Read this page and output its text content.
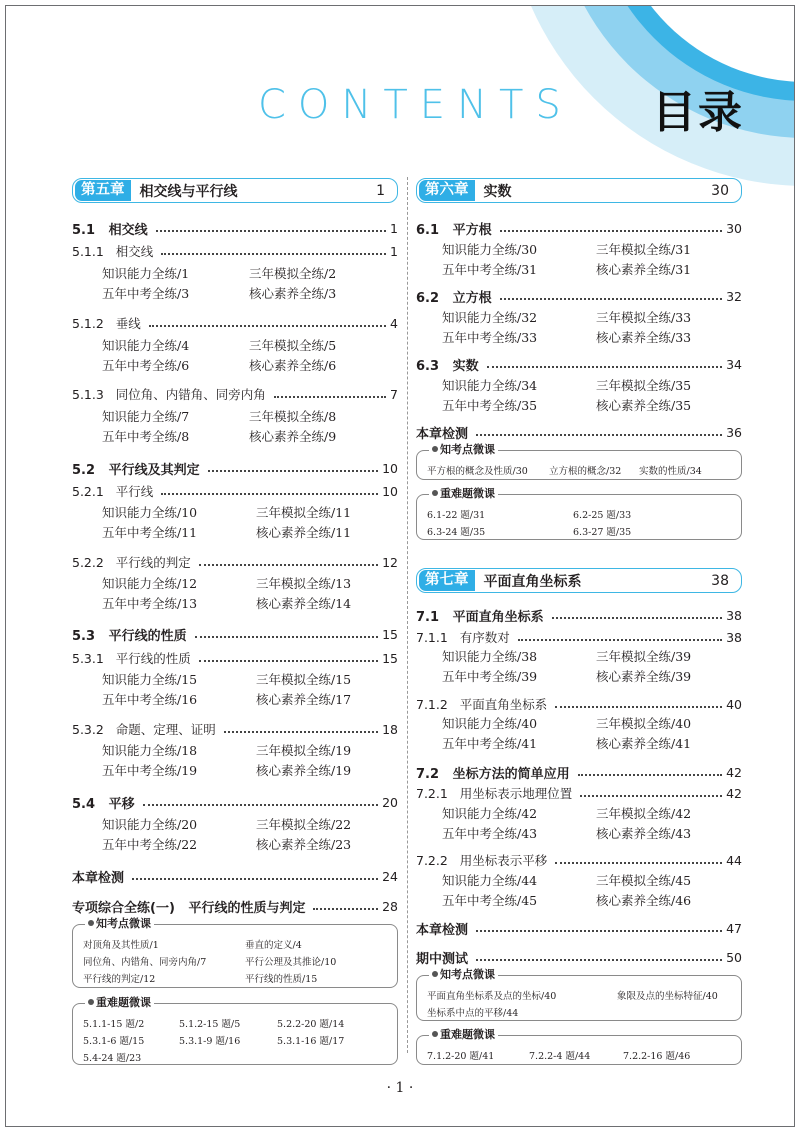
CONTENTS 目录
第五章	相交线与平行线	1
5.1   相交线	1
5.1.1   相交线	1
知识能力全练/1	三年模拟全练/2
五年中考全练/3	核心素养全练/3
5.1.2   垂线	4
知识能力全练/4	三年模拟全练/5
五年中考全练/6	核心素养全练/6
5.1.3   同位角、内错角、同旁内角	7
知识能力全练/7	三年模拟全练/8
五年中考全练/8	核心素养全练/9
5.2   平行线及其判定	10
5.2.1   平行线	10
知识能力全练/10	三年模拟全练/11
五年中考全练/11	核心素养全练/11
5.2.2   平行线的判定	12
知识能力全练/12	三年模拟全练/13
五年中考全练/13	核心素养全练/14
5.3   平行线的性质	15
5.3.1   平行线的性质	15
知识能力全练/15	三年模拟全练/15
五年中考全练/16	核心素养全练/17
5.3.2   命题、定理、证明	18
知识能力全练/18	三年模拟全练/19
五年中考全练/19	核心素养全练/19
5.4   平移	20
知识能力全练/20	三年模拟全练/22
五年中考全练/22	核心素养全练/23
本章检测	24
专项综合全练(一)   平行线的性质与判定	28
知考点微课
对顶角及其性质/1	垂直的定义/4
同位角、内错角、同旁内角/7	平行公理及其推论/10
平行线的判定/12	平行线的性质/15
重难题微课
5.1.1-15 题/2	5.1.2-15 题/5	5.2.2-20 题/14
5.3.1-6 题/15	5.3.1-9 题/16	5.3.1-16 题/17
5.4-24 题/23
第六章	实数	30
6.1   平方根	30
知识能力全练/30	三年模拟全练/31
五年中考全练/31	核心素养全练/31
6.2   立方根	32
知识能力全练/32	三年模拟全练/33
五年中考全练/33	核心素养全练/33
6.3   实数	34
知识能力全练/34	三年模拟全练/35
五年中考全练/35	核心素养全练/35
本章检测	36
知考点微课
平方根的概念及性质/30 立方根的概念/32 实数的性质/34
重难题微课
6.1-22 题/31	6.2-25 题/33
6.3-24 题/35	6.3-27 题/35
第七章	平面直角坐标系	38
7.1   平面直角坐标系	38
7.1.1   有序数对	38
知识能力全练/38	三年模拟全练/39
五年中考全练/39	核心素养全练/39
7.1.2   平面直角坐标系	40
知识能力全练/40	三年模拟全练/40
五年中考全练/41	核心素养全练/41
7.2   坐标方法的简单应用	42
7.2.1   用坐标表示地理位置	42
知识能力全练/42	三年模拟全练/42
五年中考全练/43	核心素养全练/43
7.2.2   用坐标表示平移	44
知识能力全练/44	三年模拟全练/45
五年中考全练/45	核心素养全练/46
本章检测	47
期中测试	50
知考点微课
平面直角坐标系及点的坐标/40	象限及点的坐标特征/40
坐标系中点的平移/44
重难题微课
7.1.2-20 题/41	7.2.2-4 题/44	7.2.2-16 题/46
· 1 ·
